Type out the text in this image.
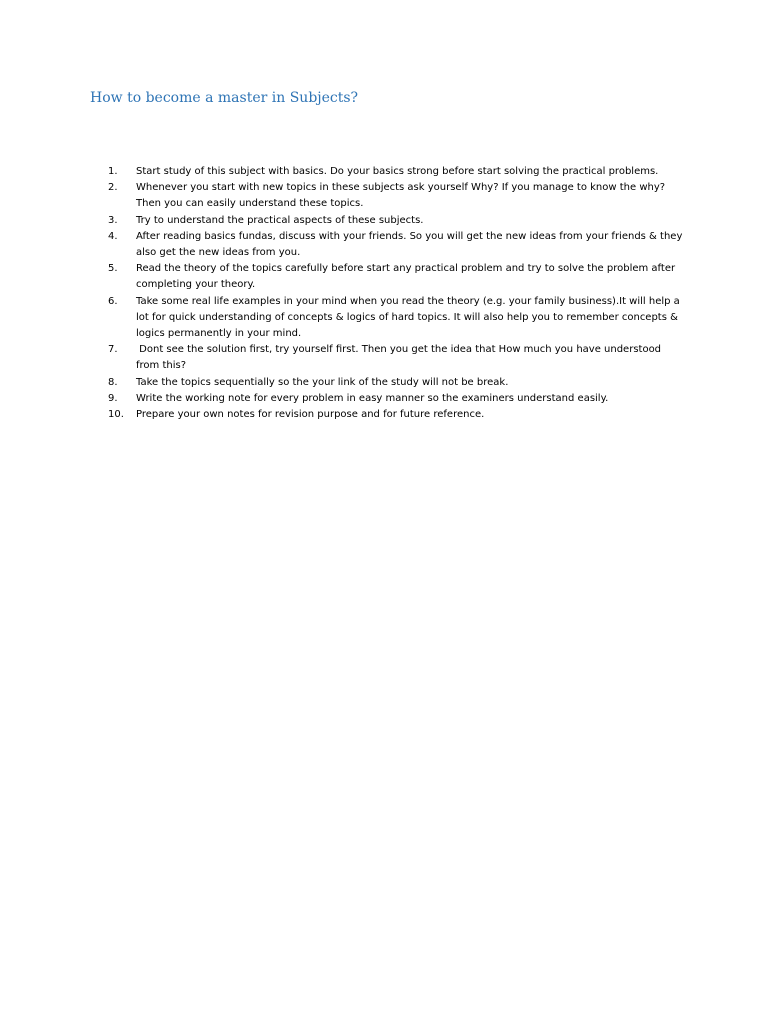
How to become a master in Subjects?
1.	Start study of this subject with basics. Do your basics strong before start solving the practical problems.
2.	Whenever you start with new topics in these subjects ask yourself Why? If you manage to know the why? Then you can easily understand these topics.
3.	Try to understand the practical aspects of these subjects.
4.	After reading basics fundas, discuss with your friends. So you will get the new ideas from your friends & they also get the new ideas from you.
5.	Read the theory of the topics carefully before start any practical problem and try to solve the problem after completing your theory.
6.	Take some real life examples in your mind when you read the theory (e.g. your family business).It will help a lot for quick understanding of concepts & logics of hard topics. It will also help you to remember concepts & logics permanently in your mind.
7.	Dont see the solution first, try yourself first. Then you get the idea that How much you have understood from this?
8.	Take the topics sequentially so the your link of the study will not be break.
9.	Write the working note for every problem in easy manner so the examiners understand easily.
10.	Prepare your own notes for revision purpose and for future reference.
